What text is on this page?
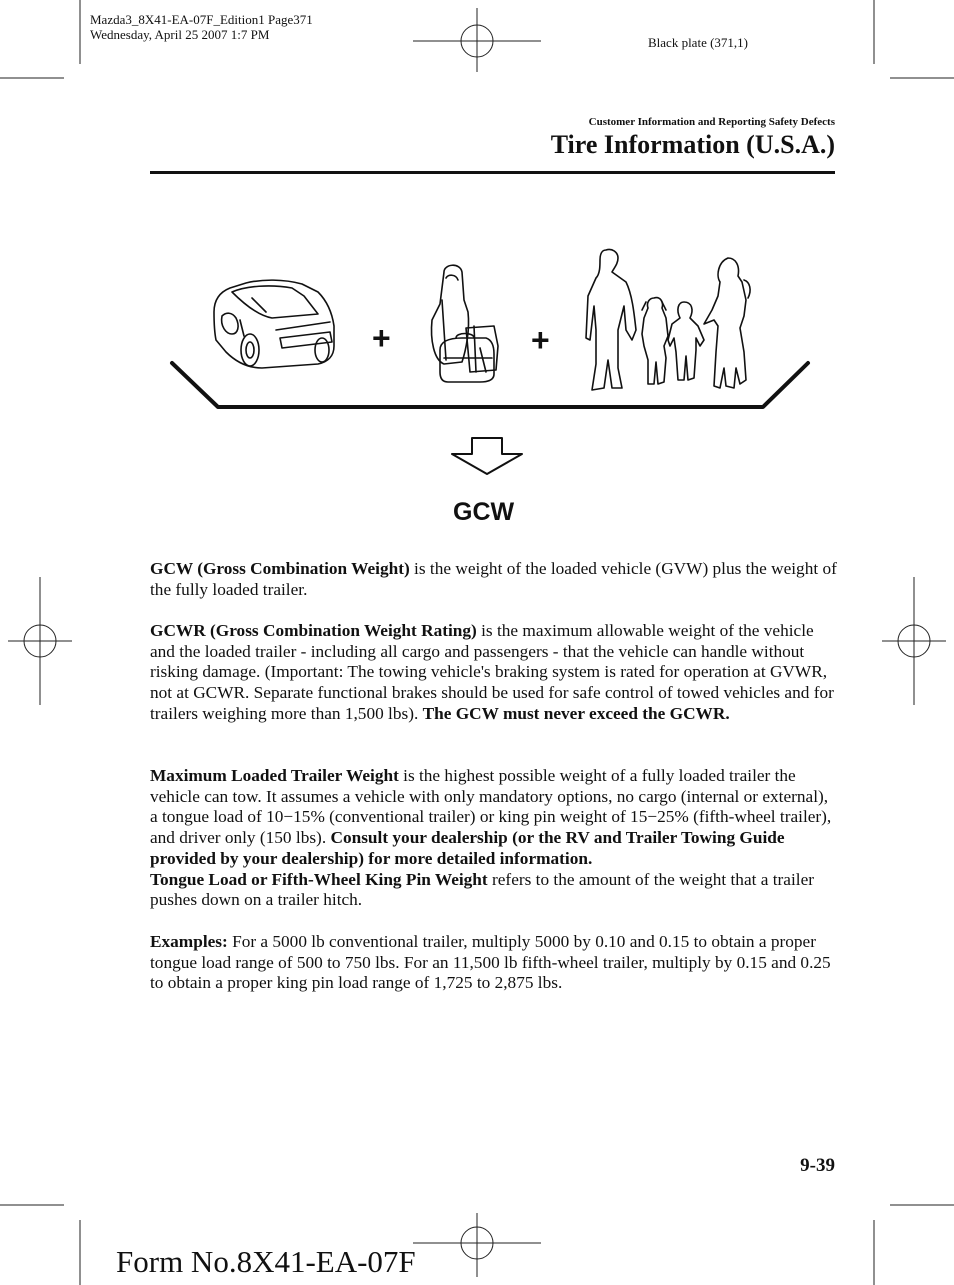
Mazda3_8X41-EA-07F_Edition1 Page371
Wednesday, April 25 2007 1:7 PM
Black plate (371,1)
Customer Information and Reporting Safety Defects
Tire Information (U.S.A.)
+	+
GCW
GCW (Gross Combination Weight) is the weight of the loaded vehicle (GVW) plus the weight of the fully loaded trailer.
GCWR (Gross Combination Weight Rating) is the maximum allowable weight of the vehicle and the loaded trailer - including all cargo and passengers - that the vehicle can handle without risking damage. (Important: The towing vehicle's braking system is rated for operation at GVWR, not at GCWR. Separate functional brakes should be used for safe control of towed vehicles and for trailers weighing more than 1,500 lbs). The GCW must never exceed the GCWR.
Maximum Loaded Trailer Weight is the highest possible weight of a fully loaded trailer the vehicle can tow. It assumes a vehicle with only mandatory options, no cargo (internal or external), a tongue load of 10−15% (conventional trailer) or king pin weight of 15−25% (fifth-wheel trailer), and driver only (150 lbs). Consult your dealership (or the RV and Trailer Towing Guide provided by your dealership) for more detailed information.
Tongue Load or Fifth-Wheel King Pin Weight refers to the amount of the weight that a trailer pushes down on a trailer hitch.
Examples: For a 5000 lb conventional trailer, multiply 5000 by 0.10 and 0.15 to obtain a proper tongue load range of 500 to 750 lbs. For an 11,500 lb fifth-wheel trailer, multiply by 0.15 and 0.25 to obtain a proper king pin load range of 1,725 to 2,875 lbs.
9-39
Form No.8X41-EA-07F
